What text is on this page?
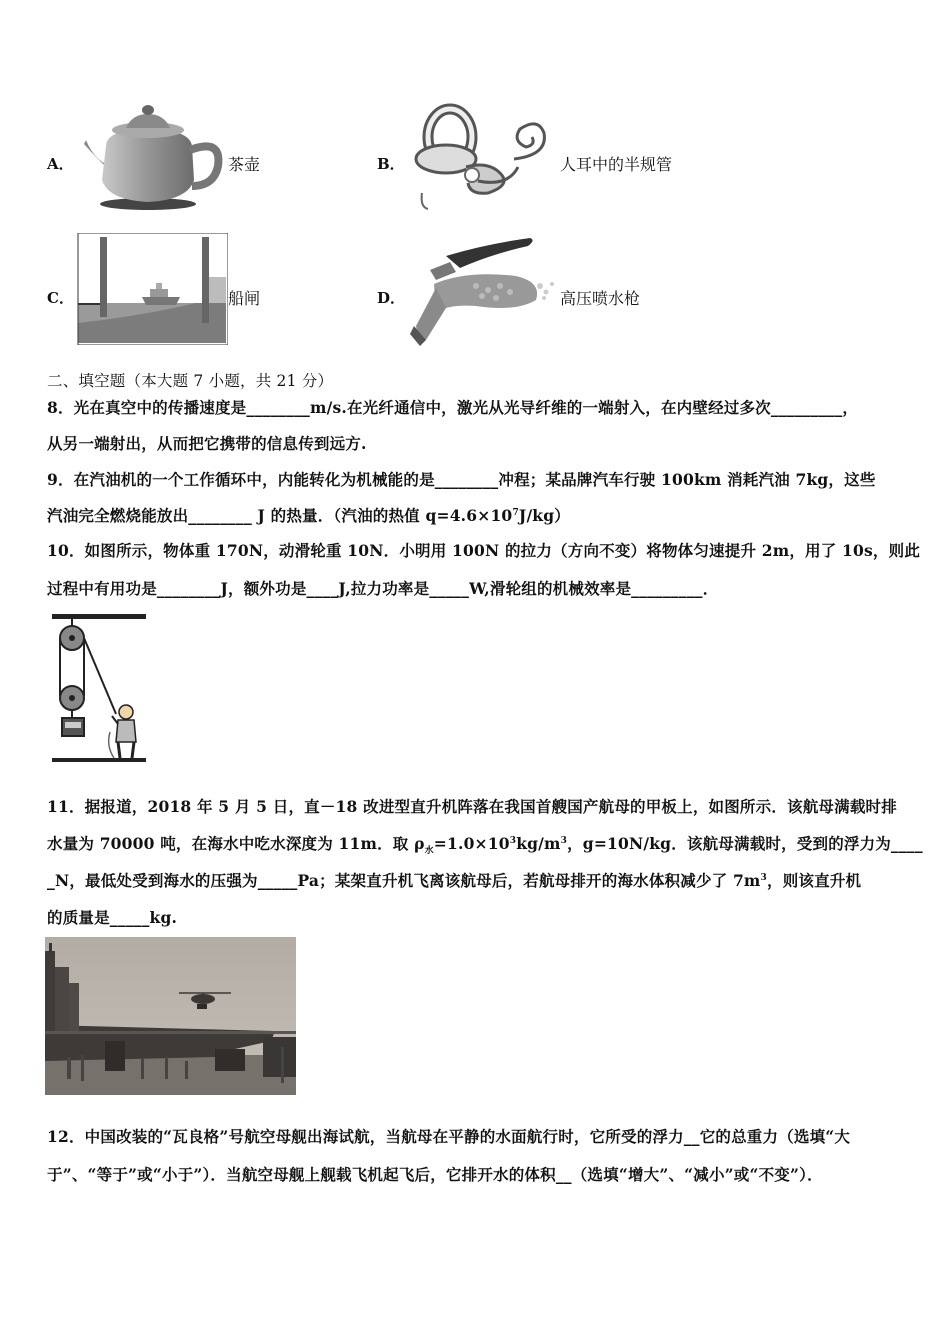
A．	茶壶	B．	人耳中的半规管
C．	船闸	D．	高压喷水枪
二、填空题（本大题 7 小题，共 21 分）
8．光在真空中的传播速度是________m/s.在光纤通信中，激光从光导纤维的一端射入，在内壁经过多次_________，
从另一端射出，从而把它携带的信息传到远方.
9．在汽油机的一个工作循环中，内能转化为机械能的是________冲程；某品牌汽车行驶 100km 消耗汽油 7kg，这些
汽油完全燃烧能放出________ J 的热量．（汽油的热值 $q=4.6\times 10^7J/kg$）
10．如图所示，物体重 170N，动滑轮重 10N．小明用 100N 的拉力（方向不变）将物体匀速提升 2m，用了 10s，则此
过程中有用功是________J，额外功是____J,拉力功率是_____W,滑轮组的机械效率是_________．
11．据报道，2018 年 5 月 5 日，直－18 改进型直升机阵落在我国首艘国产航母的甲板上，如图所示．该航母满载时排
水量为 70000 吨，在海水中吃水深度为 11m．取 $\rho_水=1.0\times 10^3kg/m^3$，g=10N/kg．该航母满载时，受到的浮力为____
_N，最低处受到海水的压强为_____Pa；某架直升机飞离该航母后，若航母排开的海水体积减少了 $7m^3$，则该直升机
的质量是_____kg.
12．中国改装的“瓦良格”号航空母舰出海试航，当航母在平静的水面航行时，它所受的浮力__它的总重力（选填“大
于”、“等于”或“小于”）．当航空母舰上舰载飞机起飞后，它排开水的体积__（选填“增大”、“减小”或“不变”）．
